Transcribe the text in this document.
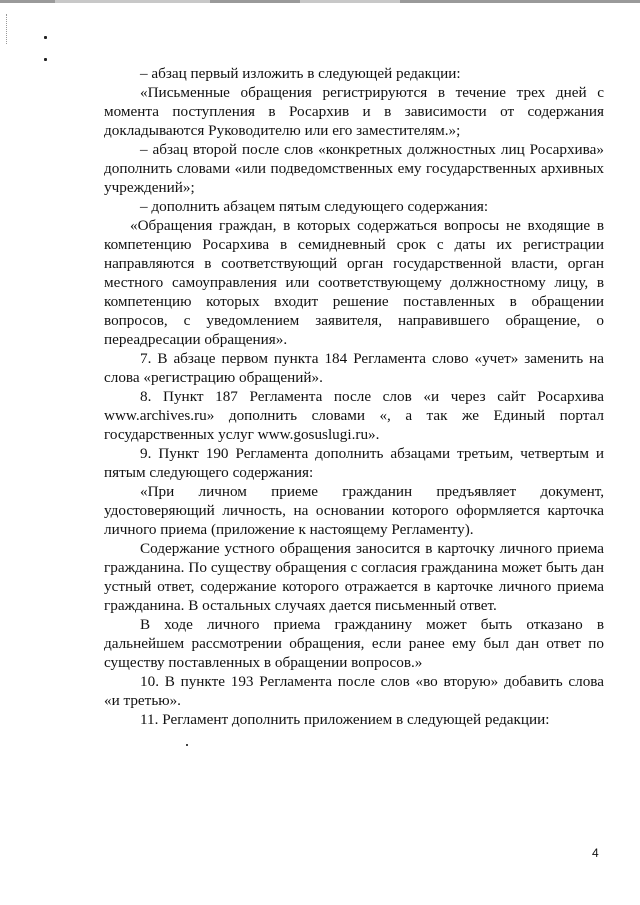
– абзац первый изложить в следующей редакции:

«Письменные обращения регистрируются в течение трех дней с момента поступления в Росархив и в зависимости от содержания докладываются Руководителю или его заместителям.»;

– абзац второй после слов «конкретных должностных лиц Росархива» дополнить словами «или подведомственных ему государственных архивных учреждений»;

– дополнить абзацем пятым следующего содержания:

«Обращения граждан, в которых содержаться вопросы не входящие в компетенцию Росархива в семидневный срок с даты их регистрации направляются в соответствующий орган государственной власти, орган местного самоуправления или соответствующему должностному лицу, в компетенцию которых входит решение поставленных в обращении вопросов, с уведомлением заявителя, направившего обращение, о переадресации обращения».

7. В абзаце первом пункта 184 Регламента слово «учет» заменить на слова «регистрацию обращений».

8. Пункт 187 Регламента после слов «и через сайт Росархива www.archives.ru» дополнить словами «, а так же Единый портал государственных услуг www.gosuslugi.ru».

9. Пункт 190 Регламента дополнить абзацами третьим, четвертым и пятым следующего содержания:

«При личном приеме гражданин предъявляет документ, удостоверяющий личность, на основании которого оформляется карточка личного приема (приложение к настоящему Регламенту).

Содержание устного обращения заносится в карточку личного приема гражданина. По существу обращения с согласия гражданина может быть дан устный ответ, содержание которого отражается в карточке личного приема гражданина. В остальных случаях дается письменный ответ.

В ходе личного приема гражданину может быть отказано в дальнейшем рассмотрении обращения, если ранее ему был дан ответ по существу поставленных в обращении вопросов.»

10. В пункте 193 Регламента после слов «во вторую» добавить слова «и третью».

11. Регламент дополнить приложением в следующей редакции:

4
